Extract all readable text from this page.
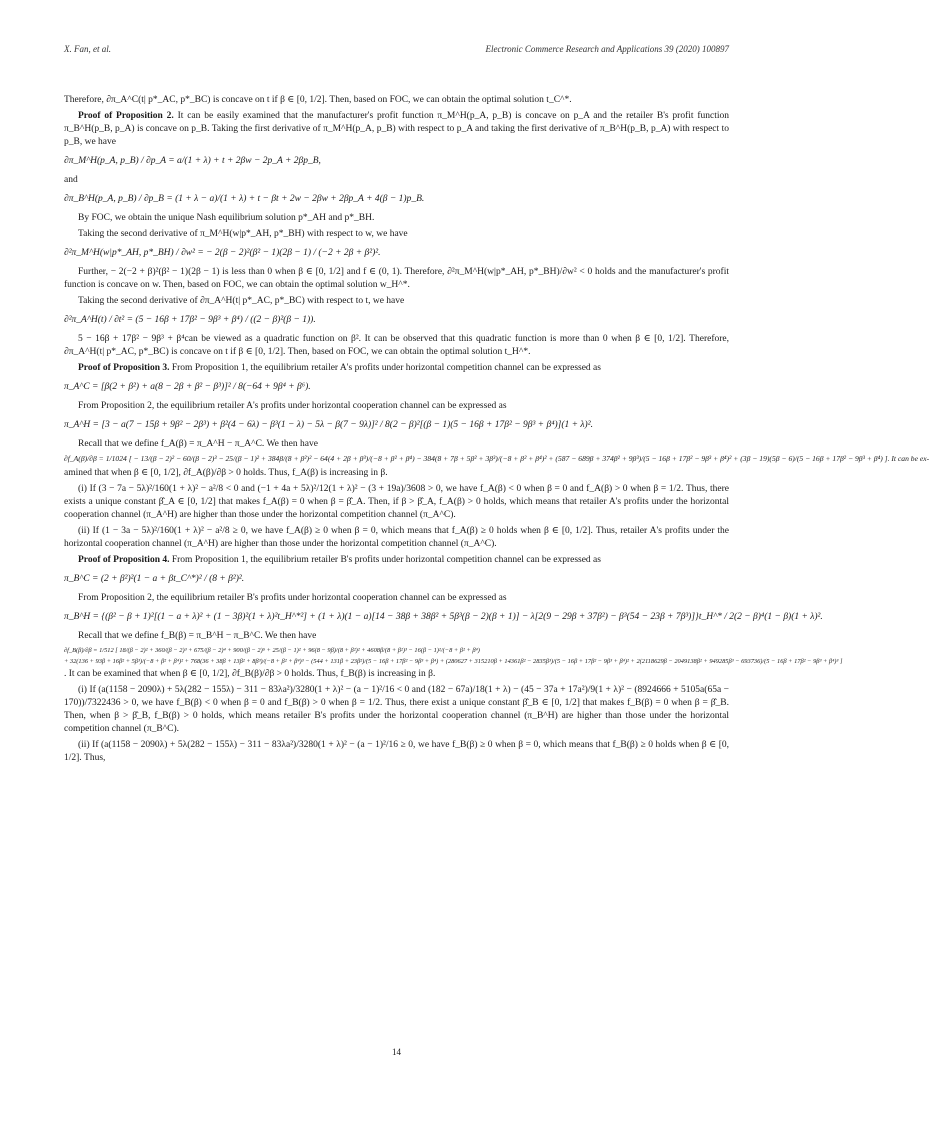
X. Fan, et al.	Electronic Commerce Research and Applications 39 (2020) 100897

Therefore, ∂π_A^C(t| p*_AC, p*_BC) is concave on t if β ∈ [0, 1/2]. Then, based on FOC, we can obtain the optimal solution t_C^*.

Proof of Proposition 2. It can be easily examined that the manufacturer's profit function π_M^H(p_A, p_B) is concave on p_A and the retailer B's profit function π_B^H(p_B, p_A) is concave on p_B. Taking the first derivative of π_M^H(p_A, p_B) with respect to p_A and taking the first derivative of π_B^H(p_B, p_A) with respect to p_B, we have

∂π_M^H(p_A, p_B) / ∂p_A = a/(1 + λ) + t + 2βw − 2p_A + 2βp_B,

and

∂π_B^H(p_A, p_B) / ∂p_B = (1 + λ − a)/(1 + λ) + t − βt + 2w − 2βw + 2βp_A + 4(β − 1)p_B.

By FOC, we obtain the unique Nash equilibrium solution p*_AH and p*_BH.

Taking the second derivative of π_M^H(w|p*_AH, p*_BH) with respect to w, we have

∂²π_M^H(w|p*_AH, p*_BH) / ∂w² = − 2(β − 2)²(β² − 1)(2β − 1) / (−2 + 2β + β²)².

Further, − 2(−2 + β)²(β² − 1)(2β − 1) is less than 0 when β ∈ [0, 1/2] and f ∈ (0, 1). Therefore, ∂²π_M^H(w|p*_AH, p*_BH)/∂w² < 0 holds and the manufacturer's profit function is concave on w. Then, based on FOC, we can obtain the optimal solution w_H^*.

Taking the second derivative of ∂π_A^H(t| p*_AC, p*_BC) with respect to t, we have

∂²π_A^H(t) / ∂t² = (5 − 16β + 17β² − 9β³ + β⁴) / ((2 − β)²(β − 1)).

5 − 16β + 17β² − 9β³ + β⁴can be viewed as a quadratic function on β². It can be observed that this quadratic function is more than 0 when β ∈ [0, 1/2]. Therefore, ∂π_A^H(t| p*_AC, p*_BC) is concave on t if β ∈ [0, 1/2]. Then, based on FOC, we can obtain the optimal solution t_H^*.

Proof of Proposition 3. From Proposition 1, the equilibrium retailer A's profits under horizontal competition channel can be expressed as

π_A^C = [β(2 + β²) + a(8 − 2β + β² − β³)]² / 8(−64 + 9β⁴ + β⁶).

From Proposition 2, the equilibrium retailer A's profits under horizontal cooperation channel can be expressed as

π_A^H = [3 − a(7 − 15β + 9β² − 2β³) + β²(4 − 6λ) − β³(1 − λ) − 5λ − β(7 − 9λ)]² / 8(2 − β)²[(β − 1)(5 − 16β + 17β² − 9β³ + β⁴)](1 + λ)².

Recall that we define f_A(β) = π_A^H − π_A^C. We then have

∂f_A(β)/∂β = 1/1024 [ − 13/(β − 2)² − 60/(β − 2)³ − 25/(β − 1)² + 384β/(8 + β²)² − 64(4 + 2β + β³)/(−8 + β² + β⁴) − 384(8 + 7β + 5β² + 3β³)/(−8 + β² + β⁴)² + (587 − 689β + 374β² + 9β³)/(5 − 16β + 17β² − 9β³ + β⁴)² + (3β − 19)(5β − 6)/(5 − 16β + 17β² − 9β³ + β⁴) ]. It can be ex-

amined that when β ∈ [0, 1/2], ∂f_A(β)/∂β > 0 holds. Thus, f_A(β) is increasing in β.

(i) If (3 − 7a − 5λ)²/160(1 + λ)² − a²/8 < 0 and (−1 + 4a + 5λ)²/12(1 + λ)² − (3 + 19a)/3608 > 0, we have f_A(β) < 0 when β = 0 and f_A(β) > 0 when β = 1/2. Thus, there exists a unique constant β̂_A ∈ [0, 1/2] that makes f_A(β) = 0 when β = β̂_A. Then, if β > β̂_A, f_A(β) > 0 holds, which means that retailer A's profits under the horizontal cooperation channel (π_A^H) are higher than those under the horizontal competition channel (π_A^C).

(ii) If (1 − 3a − 5λ)²/160(1 + λ)² − a²/8 ≥ 0, we have f_A(β) ≥ 0 when β = 0, which means that f_A(β) ≥ 0 holds when β ∈ [0, 1/2]. Thus, retailer A's profits under the horizontal cooperation channel (π_A^H) are higher than those under the horizontal competition channel (π_A^C).

Proof of Proposition 4. From Proposition 1, the equilibrium retailer B's profits under horizontal competition channel can be expressed as

π_B^C = (2 + β²)²(1 − a + βt_C^*)² / (8 + β²)².

From Proposition 2, the equilibrium retailer B's profits under horizontal cooperation channel can be expressed as

π_B^H = {(β² − β + 1)²[(1 − a + λ)² + (1 − 3β)²(1 + λ)²t_H^*²] + (1 + λ)(1 − a)[14 − 38β + 38β² + 5β³(β − 2)(β + 1)] − λ[2(9 − 29β + 37β²) − β³(54 − 23β + 7β³)]}t_H^* / 2(2 − β)⁴(1 − β)(1 + λ)².

Recall that we define f_B(β) = π_B^H − π_B^C. We then have

∂f_B(β)/∂β = 1/512 [ 18/(β − 2)² + 360/(β − 2)³ + 675/(β − 2)⁴ + 900/(β − 2)⁵ + 25/(β − 1)² + 96(8 − 9β)/(8 + β²)² + 4608β/(8 + β²)³ − 16(β − 1)²/(−8 + β² + β⁴)
+ 32(136 + 93β + 16β² + 5β³)/(−8 + β² + β⁴)² + 768(36 + 38β + 13β² + 8β³)/(−8 + β² + β⁴)³ − (544 + 131β + 23β²)/(5 − 16β + 17β² − 9β³ + β⁴) + (280627 + 315210β + 14361β² − 2835β³)/(5 − 16β + 17β² − 9β³ + β⁴)² + 2(2118629β − 2049138β² + 949285β³ − 693736)/(5 − 16β + 17β² − 9β³ + β⁴)³ ]

. It can be examined that when β ∈ [0, 1/2], ∂f_B(β)/∂β > 0 holds. Thus, f_B(β) is increasing in β.

(i) If (a(1158 − 2090λ) + 5λ(282 − 155λ) − 311 − 83λa²)/3280(1 + λ)² − (a − 1)²/16 < 0 and (182 − 67a)/18(1 + λ) − (45 − 37a + 17a²)/9(1 + λ)² − (8924666 + 5105a(65a − 170))/7322436 > 0, we have f_B(β) < 0 when β = 0 and f_B(β) > 0 when β = 1/2. Thus, there exist a unique constant β̂_B ∈ [0, 1/2] that makes f_B(β) = 0 when β = β̂_B. Then, when β > β̂_B, f_B(β) > 0 holds, which means retailer B's profits under the horizontal cooperation channel (π_B^H) are higher than those under the horizontal competition channel (π_B^C).

(ii) If (a(1158 − 2090λ) + 5λ(282 − 155λ) − 311 − 83λa²)/3280(1 + λ)² − (a − 1)²/16 ≥ 0, we have f_B(β) ≥ 0 when β = 0, which means that f_B(β) ≥ 0 holds when β ∈ [0, 1/2]. Thus,

14
